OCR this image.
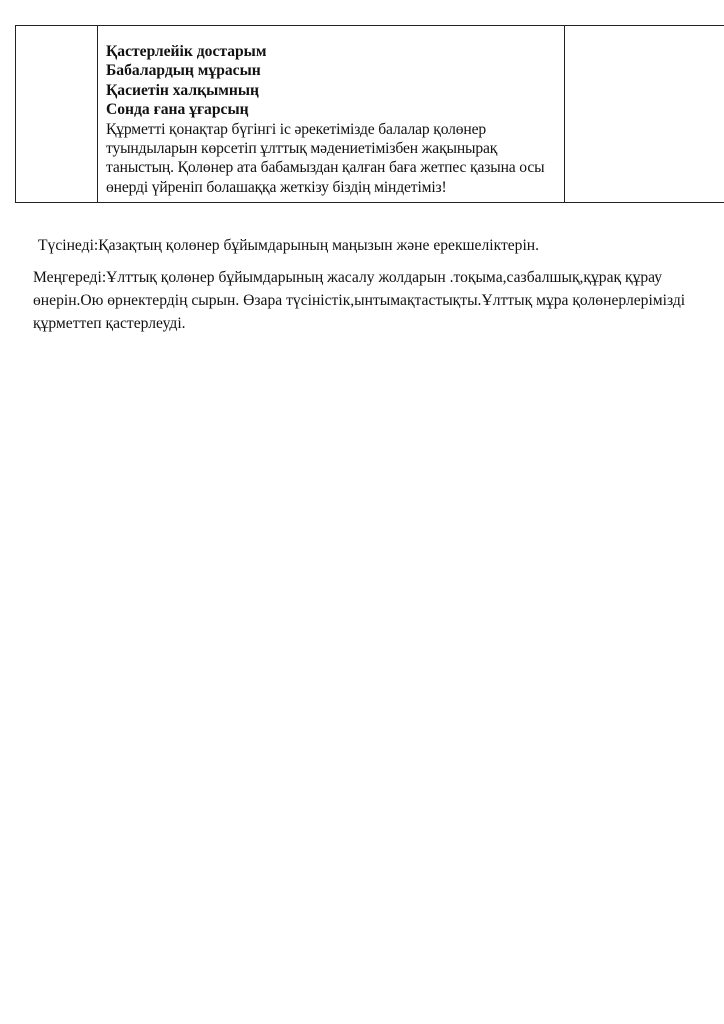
Қастерлейік достарым
Бабалардың мұрасын
Қасиетін халқымның
Сонда ғана ұғарсың
Құрметті қонақтар бүгінгі іс әрекетімізде балалар қолөнер туындыларын көрсетіп ұлттық мәдениетімізбен жақынырақ таныстың. Қолөнер ата бабамыздан қалған баға жетпес қазына осы өнерді үйреніп болашаққа жеткізу біздің міндетіміз!

Түсінеді:Қазақтың қолөнер бұйымдарының маңызын және ерекшеліктерін.
Меңгереді:Ұлттық қолөнер бұйымдарының жасалу жолдарын .тоқыма,сазбалшық,құрақ құрау өнерін.Ою өрнектердің сырын. Өзара түсіністік,ынтымақтастықты.Ұлттық мұра қолөнерлерімізді құрметтеп қастерлеуді.
